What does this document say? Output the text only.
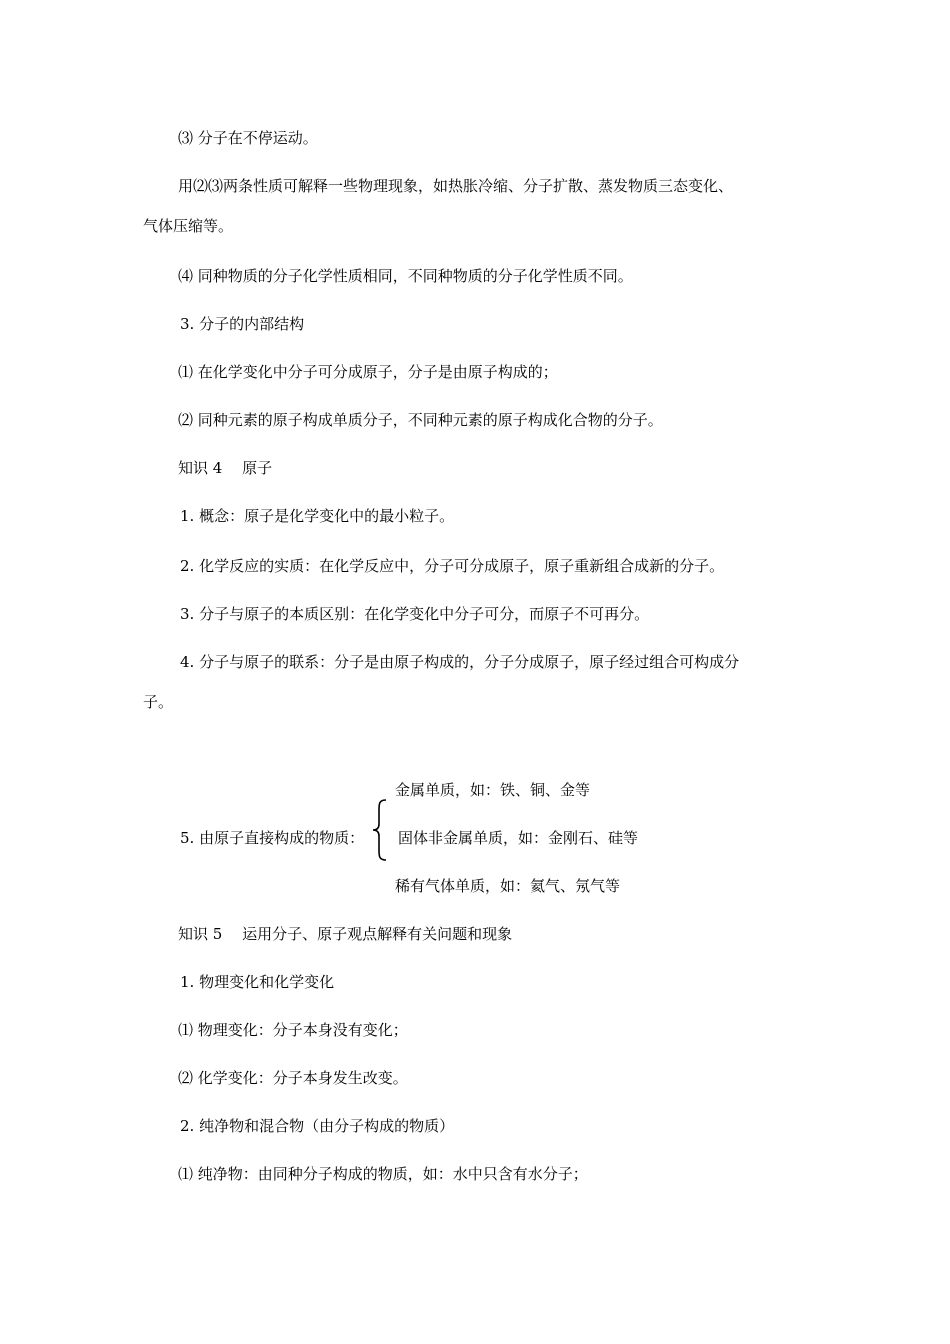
⑶ 分子在不停运动。
用⑵⑶两条性质可解释一些物理现象，如热胀冷缩、分子扩散、蒸发物质三态变化、
气体压缩等。
⑷ 同种物质的分子化学性质相同，不同种物质的分子化学性质不同。
3. 分子的内部结构
⑴ 在化学变化中分子可分成原子，分子是由原子构成的；
⑵ 同种元素的原子构成单质分子，不同种元素的原子构成化合物的分子。
知识 4　 原子
1. 概念：原子是化学变化中的最小粒子。
2. 化学反应的实质：在化学反应中，分子可分成原子，原子重新组合成新的分子。
3. 分子与原子的本质区别：在化学变化中分子可分，而原子不可再分。
4. 分子与原子的联系：分子是由原子构成的，分子分成原子，原子经过组合可构成分
子。
金属单质，如：铁、铜、金等
5. 由原子直接构成的物质： 固体非金属单质，如：金刚石、硅等
稀有气体单质，如：氦气、氖气等
知识 5　 运用分子、原子观点解释有关问题和现象
1. 物理变化和化学变化
⑴ 物理变化：分子本身没有变化；
⑵ 化学变化：分子本身发生改变。
2. 纯净物和混合物（由分子构成的物质）
⑴ 纯净物：由同种分子构成的物质，如：水中只含有水分子；
